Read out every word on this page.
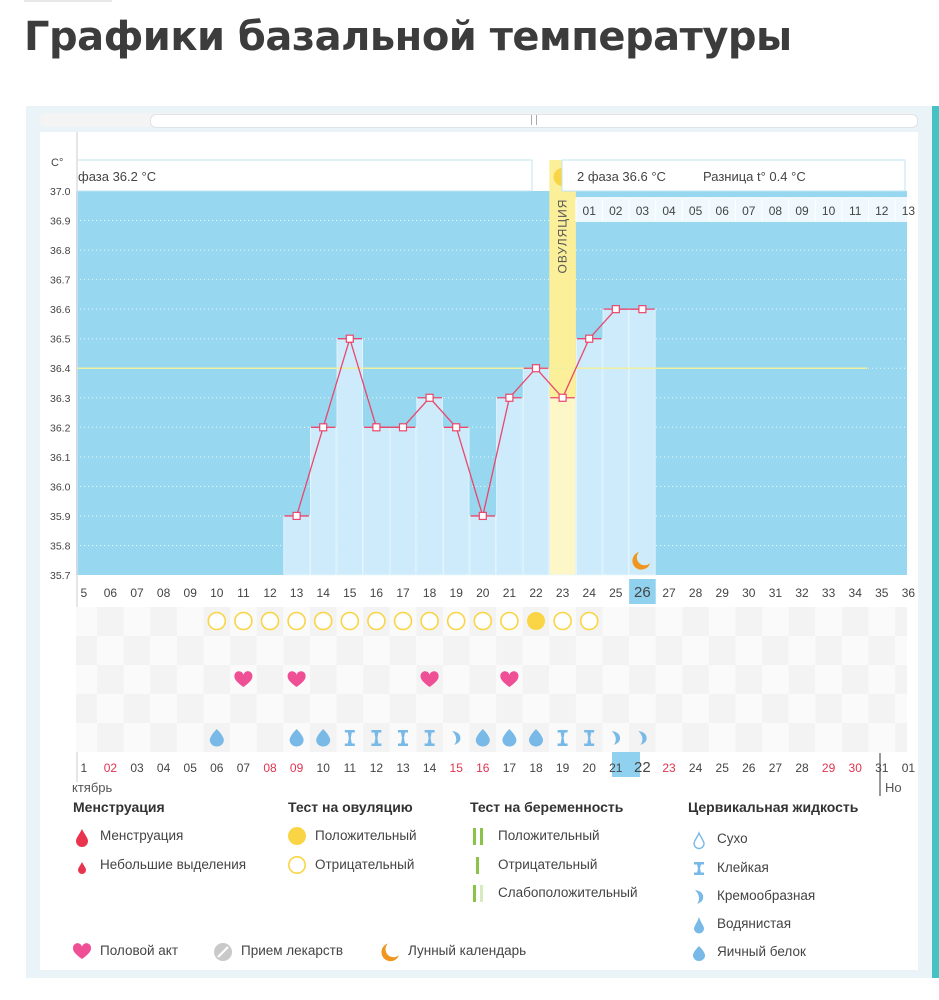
Графики базальной температуры
ОВУЛЯЦИЯ
фаза 36.2 °C	2 фаза 36.6 °C	Разница t° 0.4 °C
01 02 03 04 05 06 07 08 09 10 11 12 13
C°
37.0
36.9
36.8
36.7
36.6
36.5
36.4
36.3
36.2
36.1
36.0
35.9
35.8
35.7
5 06 07 08 09 10 11 12 13 14 15 16 17 18 19 20 21 22 23 24 25 26 27 28 29 30 31 32 33 34 35 36
1 02 03 04 05 06 07 08 09 10 11 12 13 14 15 16 17 18 19 20 21 22 23 24 25 26 27 28 29 30 31 01
ктябрь	Но
Менструация
Менструация
Небольшие выделения
Тест на овуляцию
Положительный
Отрицательный
Тест на беременность
Положительный
Отрицательный
Слабоположительный
Цервикальная жидкость
Сухо
Клейкая
Кремообразная
Водянистая
Яичный белок
Половой акт	Прием лекарств	Лунный календарь
